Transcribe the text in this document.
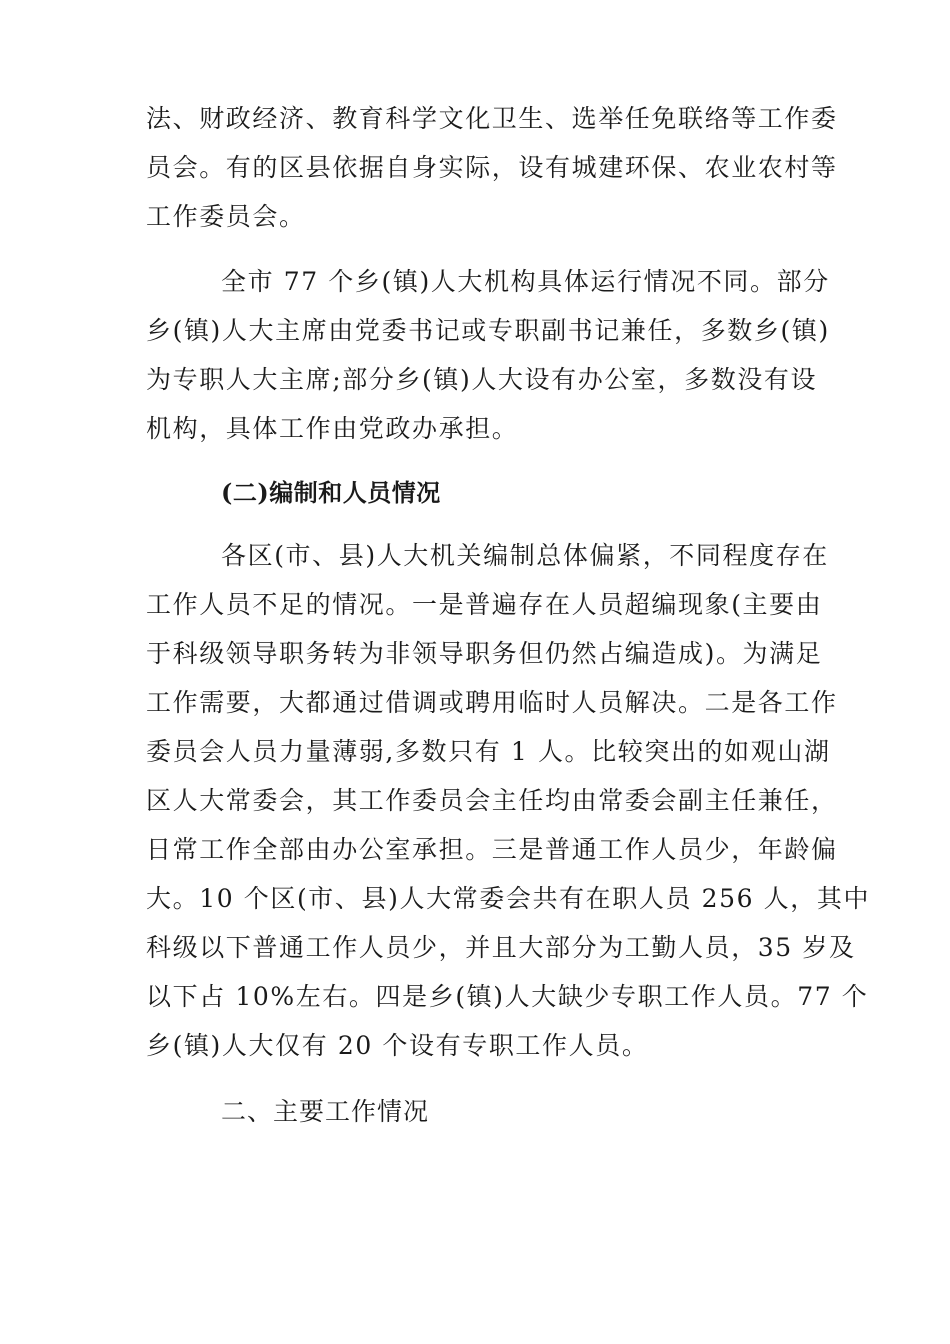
法、财政经济、教育科学文化卫生、选举任免联络等工作委
员会。有的区县依据自身实际，设有城建环保、农业农村等
工作委员会。
全市 77 个乡(镇)人大机构具体运行情况不同。部分
乡(镇)人大主席由党委书记或专职副书记兼任，多数乡(镇)
为专职人大主席;部分乡(镇)人大设有办公室，多数没有设
机构，具体工作由党政办承担。
(二)编制和人员情况
各区(市、县)人大机关编制总体偏紧，不同程度存在
工作人员不足的情况。一是普遍存在人员超编现象(主要由
于科级领导职务转为非领导职务但仍然占编造成)。为满足
工作需要，大都通过借调或聘用临时人员解决。二是各工作
委员会人员力量薄弱,多数只有 1 人。比较突出的如观山湖
区人大常委会，其工作委员会主任均由常委会副主任兼任，
日常工作全部由办公室承担。三是普通工作人员少，年龄偏
大。10 个区(市、县)人大常委会共有在职人员 256 人，其中
科级以下普通工作人员少，并且大部分为工勤人员，35 岁及
以下占 10%左右。四是乡(镇)人大缺少专职工作人员。77 个
乡(镇)人大仅有 20 个设有专职工作人员。
二、主要工作情况
